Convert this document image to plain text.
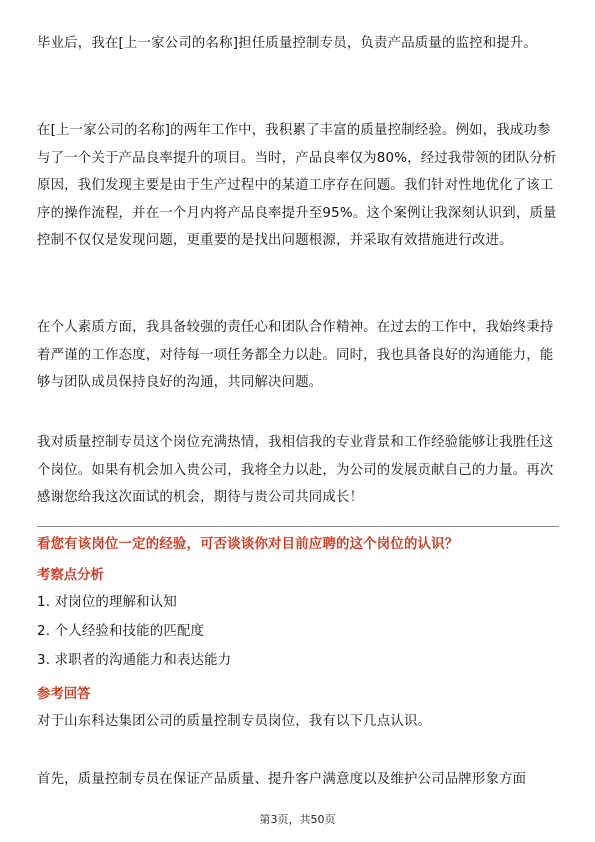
毕业后，我在[上一家公司的名称]担任质量控制专员，负责产品质量的监控和提升。

在[上一家公司的名称]的两年工作中，我积累了丰富的质量控制经验。例如，我成功参与了一个关于产品良率提升的项目。当时，产品良率仅为80%，经过我带领的团队分析原因，我们发现主要是由于生产过程中的某道工序存在问题。我们针对性地优化了该工序的操作流程，并在一个月内将产品良率提升至95%。这个案例让我深刻认识到，质量控制不仅仅是发现问题，更重要的是找出问题根源，并采取有效措施进行改进。

在个人素质方面，我具备较强的责任心和团队合作精神。在过去的工作中，我始终秉持着严谨的工作态度，对待每一项任务都全力以赴。同时，我也具备良好的沟通能力，能够与团队成员保持良好的沟通，共同解决问题。

我对质量控制专员这个岗位充满热情，我相信我的专业背景和工作经验能够让我胜任这个岗位。如果有机会加入贵公司，我将全力以赴，为公司的发展贡献自己的力量。再次感谢您给我这次面试的机会，期待与贵公司共同成长！

看您有该岗位一定的经验，可否谈谈你对目前应聘的这个岗位的认识？
考察点分析
1. 对岗位的理解和认知
2. 个人经验和技能的匹配度
3. 求职者的沟通能力和表达能力
参考回答
对于山东科达集团公司的质量控制专员岗位，我有以下几点认识。
首先，质量控制专员在保证产品质量、提升客户满意度以及维护公司品牌形象方面
第3页，共50页
